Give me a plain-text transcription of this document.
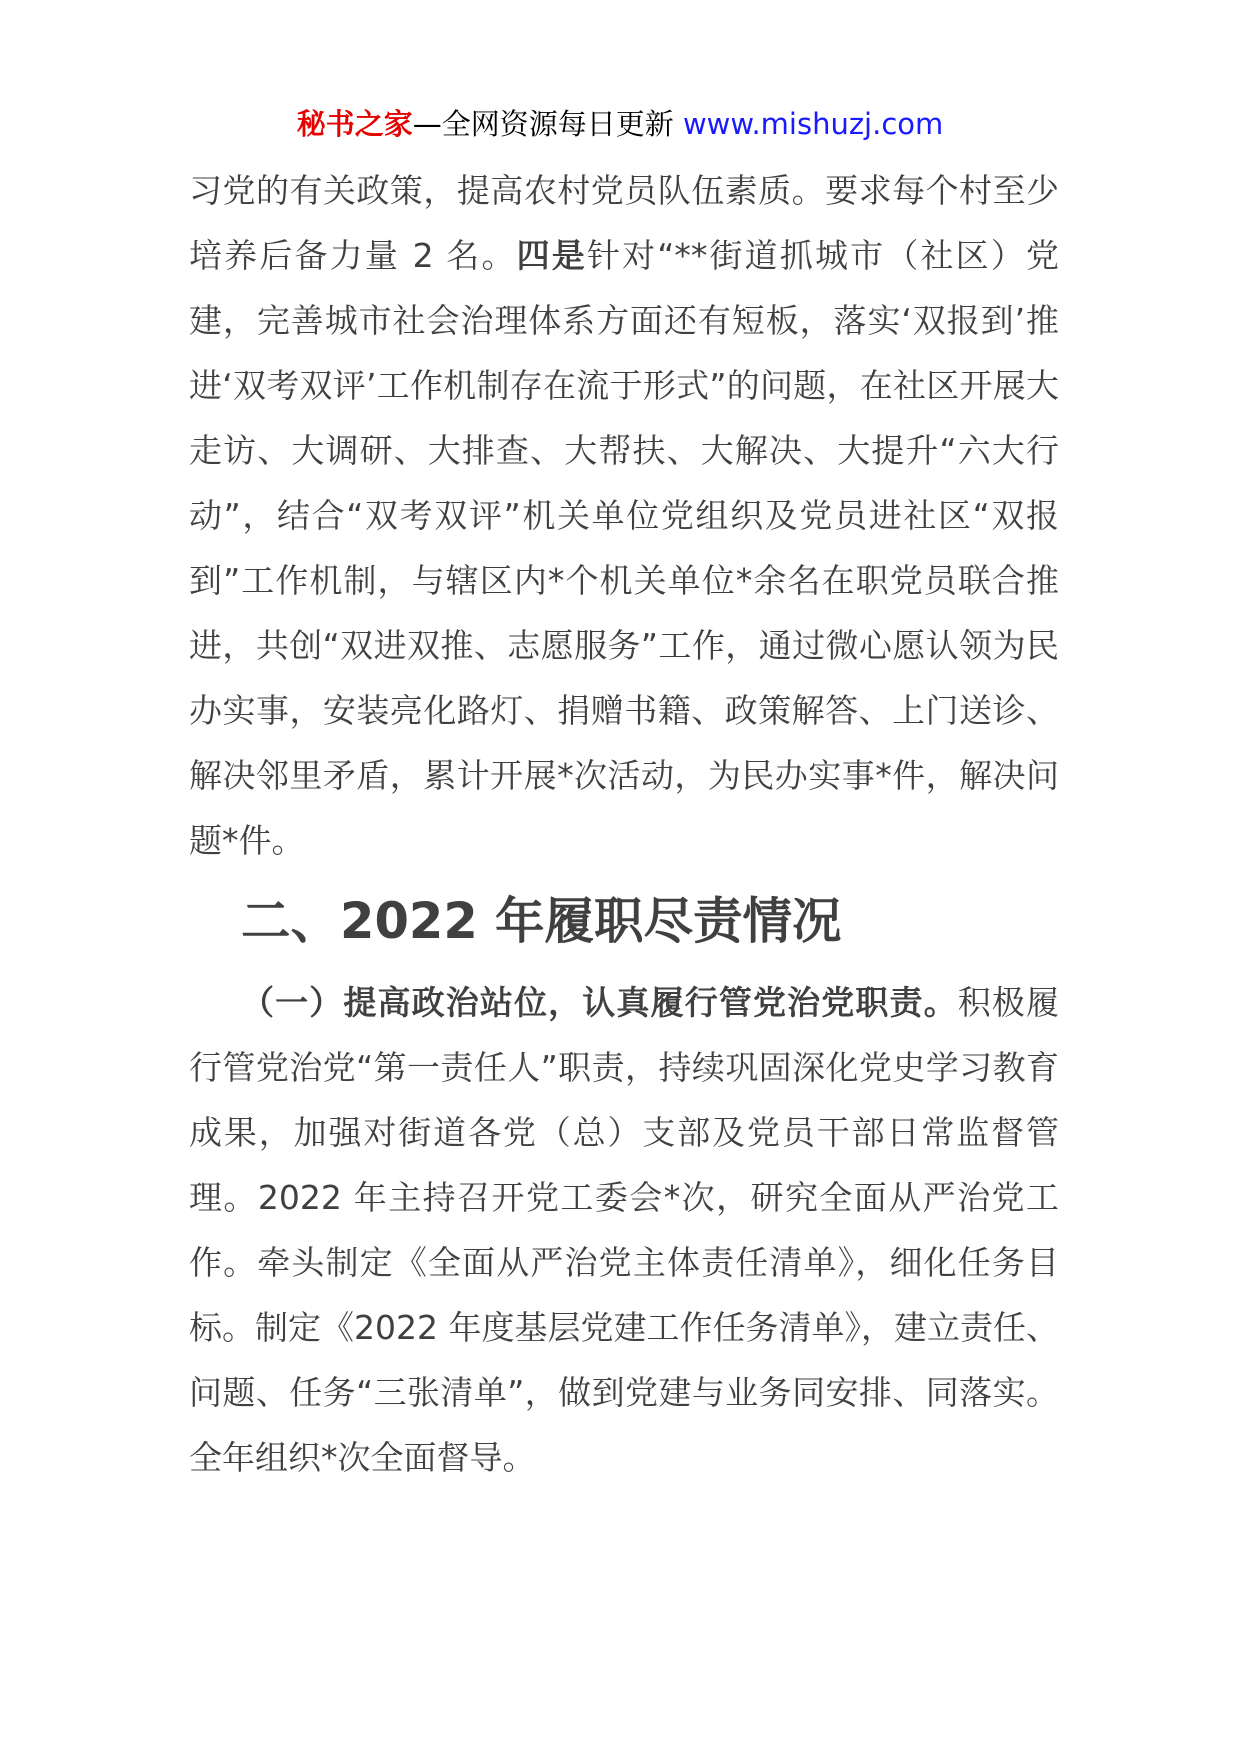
秘书之家—全网资源每日更新 www.mishuzj.com

习党的有关政策，提高农村党员队伍素质。要求每个村至少培养后备力量 2 名。四是针对“**街道抓城市（社区）党建，完善城市社会治理体系方面还有短板，落实‘双报到’推进‘双考双评’工作机制存在流于形式”的问题，在社区开展大走访、大调研、大排查、大帮扶、大解决、大提升“六大行动”，结合“双考双评”机关单位党组织及党员进社区“双报到”工作机制，与辖区内*个机关单位*余名在职党员联合推进，共创“双进双推、志愿服务”工作，通过微心愿认领为民办实事，安装亮化路灯、捐赠书籍、政策解答、上门送诊、解决邻里矛盾，累计开展*次活动，为民办实事*件，解决问题*件。

二、2022 年履职尽责情况

（一）提高政治站位，认真履行管党治党职责。积极履行管党治党“第一责任人”职责，持续巩固深化党史学习教育成果，加强对街道各党（总）支部及党员干部日常监督管理。2022 年主持召开党工委会*次，研究全面从严治党工作。牵头制定《全面从严治党主体责任清单》，细化任务目标。制定《2022 年度基层党建工作任务清单》，建立责任、问题、任务“三张清单”，做到党建与业务同安排、同落实。全年组织*次全面督导。
